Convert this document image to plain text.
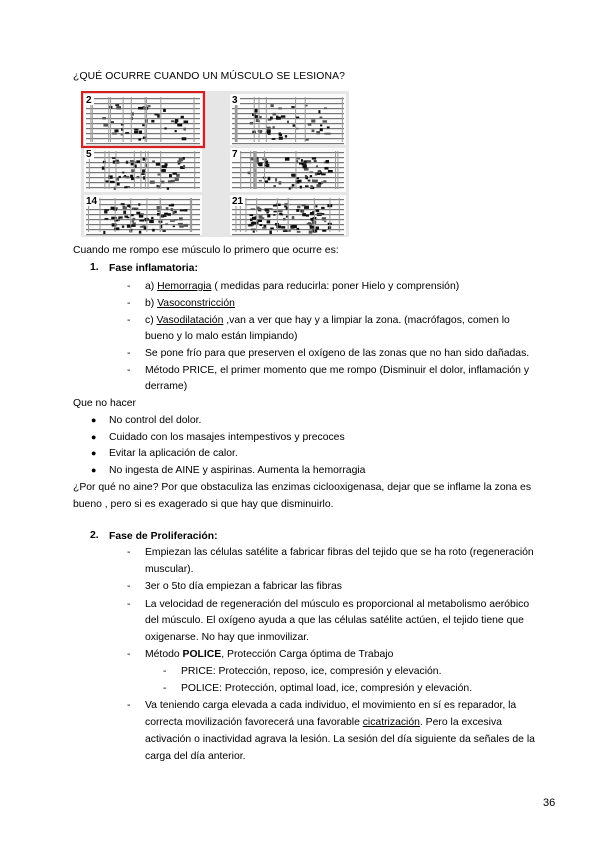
¿QUÉ OCURRE CUANDO UN MÚSCULO SE LESIONA?
2	3
5	7
14	21
Cuando me rompo ese músculo lo primero que ocurre es:
1. Fase inflamatoria:
- a) Hemorragia ( medidas para reducirla: poner Hielo y comprensión)
- b) Vasoconstricción
- c) Vasodilatación ,van a ver que hay y a limpiar la zona. (macrófagos, comen lo
bueno y lo malo están limpiando)
- Se pone frío para que preserven el oxígeno de las zonas que no han sido dañadas.
- Método PRICE, el primer momento que me rompo (Disminuir el dolor, inflamación y
derrame)
Que no hacer
● No control del dolor.
● Cuidado con los masajes intempestivos y precoces
● Evitar la aplicación de calor.
● No ingesta de AINE y aspirinas. Aumenta la hemorragia
¿Por qué no aine? Por que obstaculiza las enzimas ciclooxigenasa, dejar que se inflame la zona es
bueno , pero si es exagerado si que hay que disminuirlo.
2. Fase de Proliferación:
- Empiezan las células satélite a fabricar fibras del tejido que se ha roto (regeneración
muscular).
- 3er o 5to día empiezan a fabricar las fibras
- La velocidad de regeneración del músculo es proporcional al metabolismo aeróbico
del músculo. El oxígeno ayuda a que las células satélite actúen, el tejido tiene que
oxigenarse. No hay que inmovilizar.
- Método POLICE, Protección Carga óptima de Trabajo
- PRICE: Protección, reposo, ice, compresión y elevación.
- POLICE: Protección, optimal load, ice, compresión y elevación.
- Va teniendo carga elevada a cada individuo, el movimiento en sí es reparador, la
correcta movilización favorecerá una favorable cicatrización. Pero la excesiva
activación o inactividad agrava la lesión. La sesión del día siguiente da señales de la
carga del día anterior.
36
